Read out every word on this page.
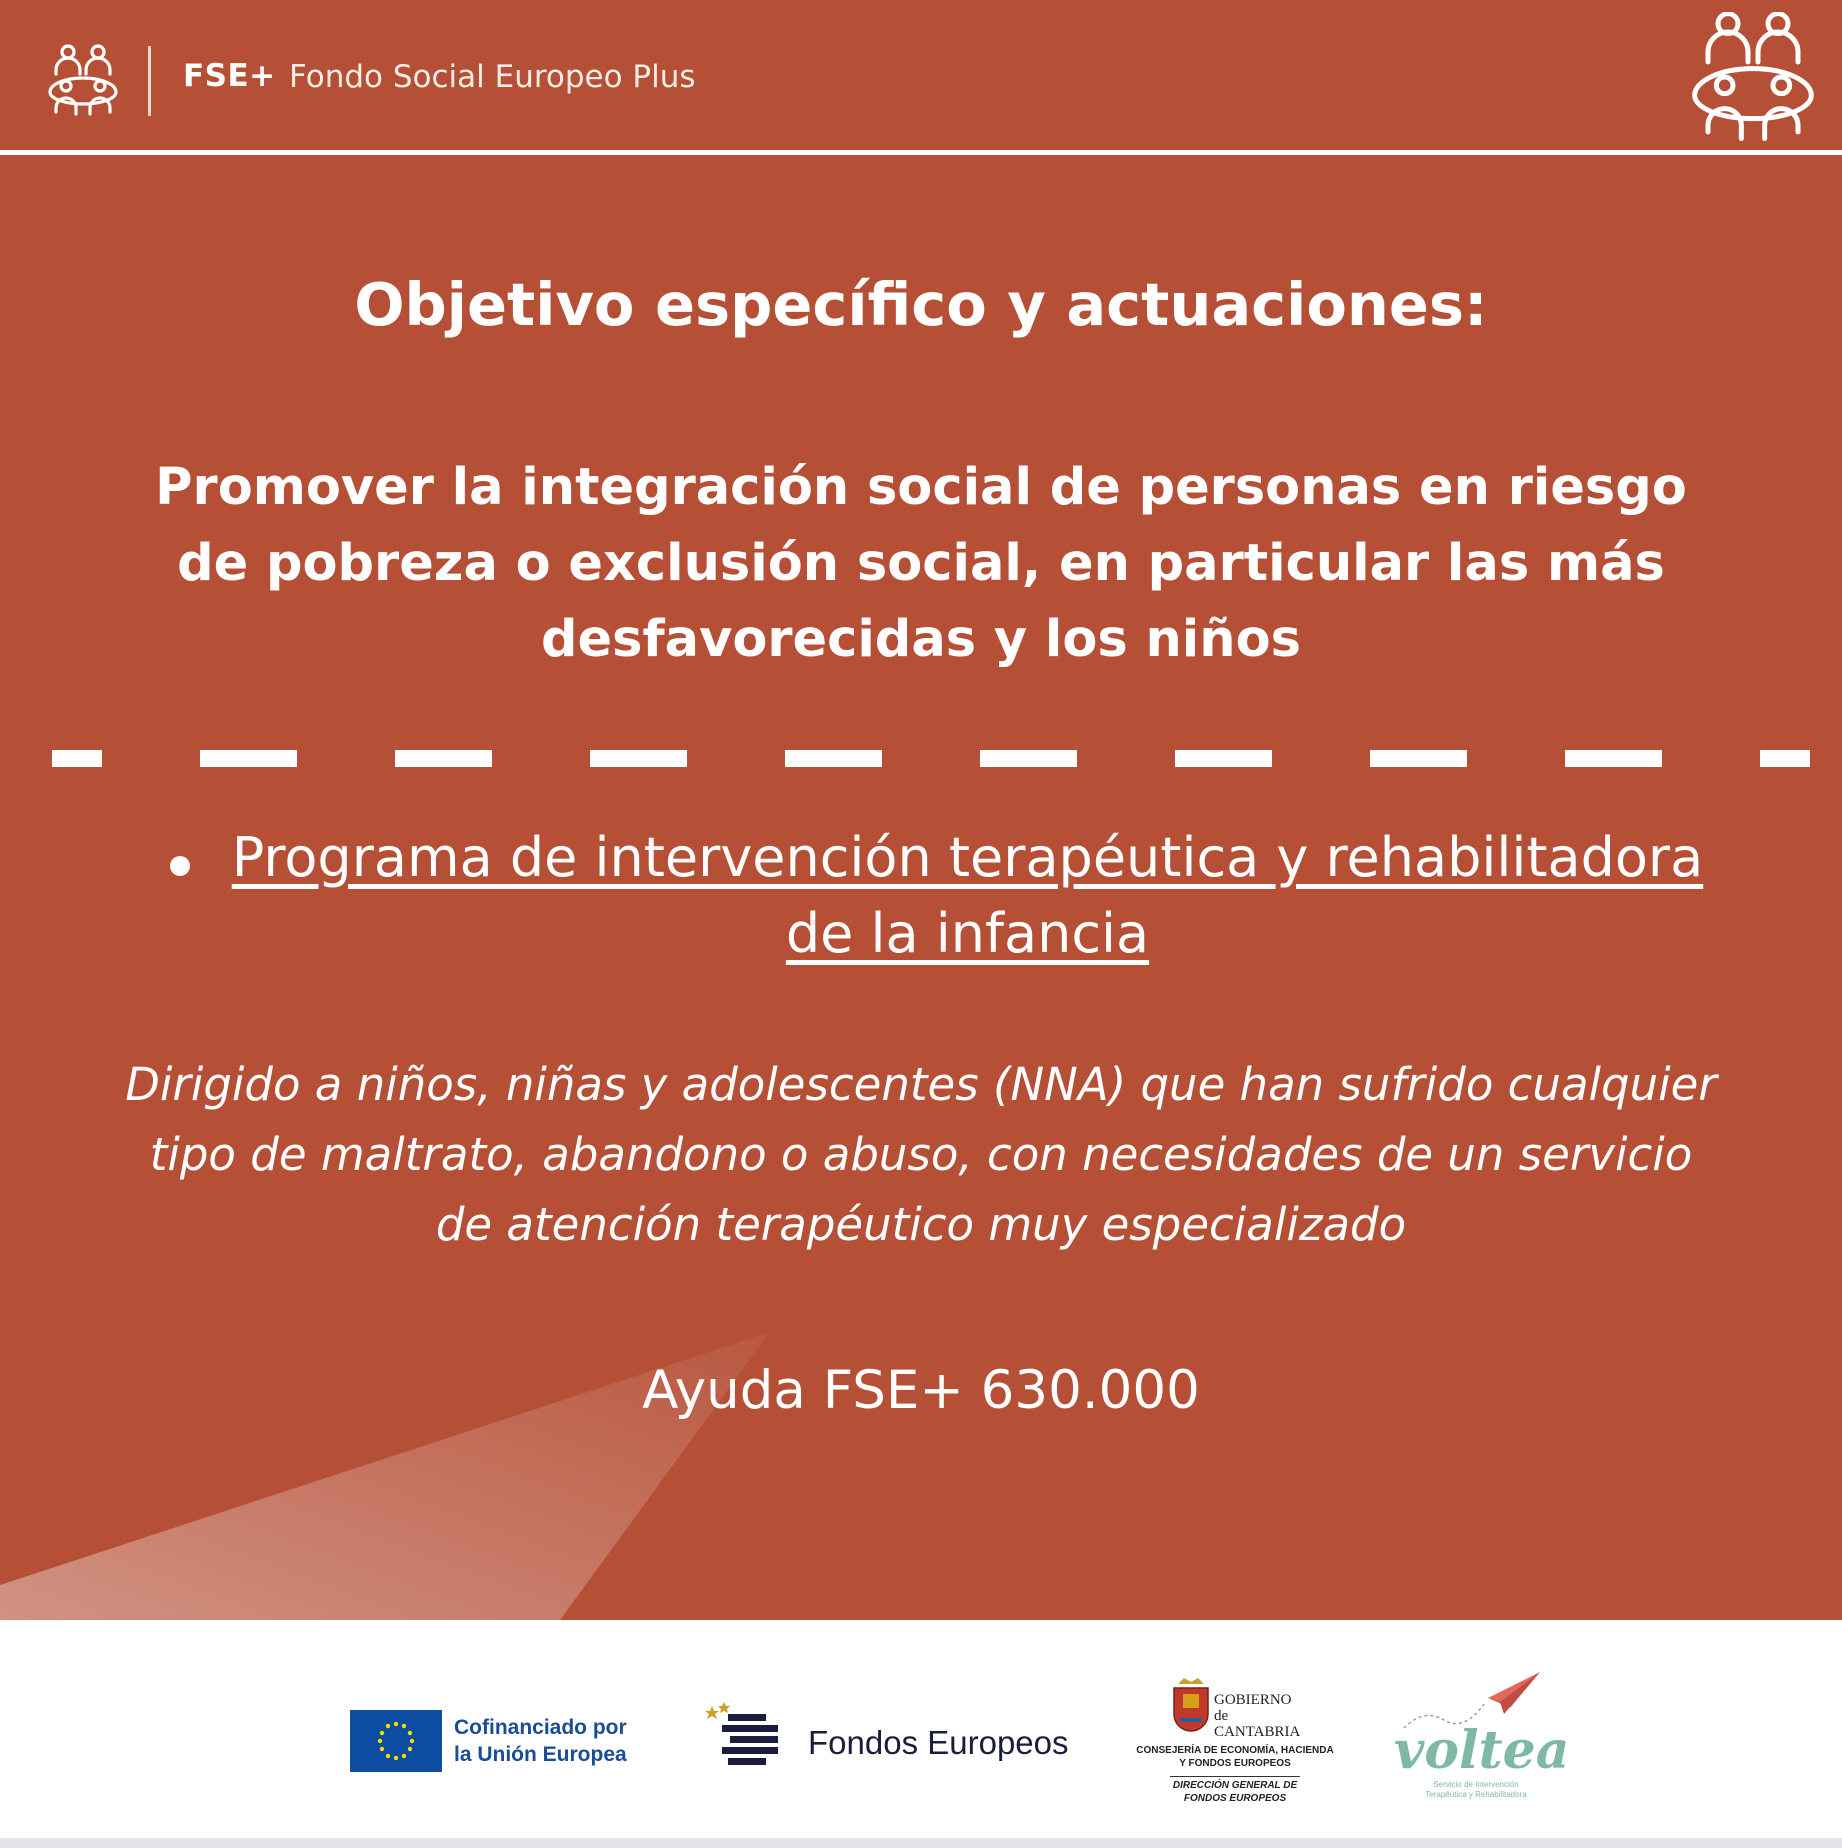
FSE+ Fondo Social Europeo Plus
Objetivo específico y actuaciones:
Promover la integración social de personas en riesgo de pobreza o exclusión social, en particular las más desfavorecidas y los niños
Programa de intervención terapéutica y rehabilitadora de la infancia
Dirigido a niños, niñas y adolescentes (NNA) que han sufrido cualquier tipo de maltrato, abandono o abuso, con necesidades de un servicio de atención terapéutico muy especializado
Ayuda FSE+ 630.000
Cofinanciado por la Unión Europea	Fondos Europeos
GOBIERNO
de
CANTABRIA
CONSEJERÍA DE ECONOMÍA, HACIENDA
Y FONDOS EUROPEOS
DIRECCIÓN GENERAL DE
FONDOS EUROPEOS
voltea
Servicio de Intervención
Terapéutica y Rehabilitadora
